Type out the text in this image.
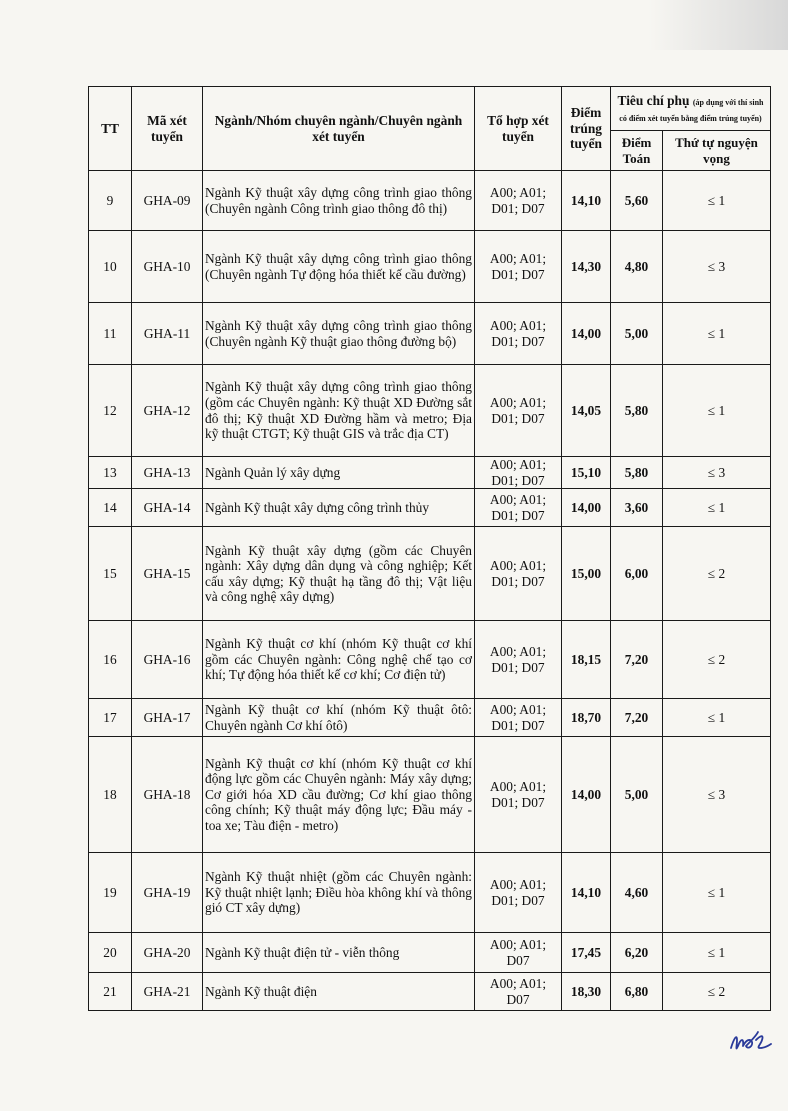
TT	Mã xét tuyển	Ngành/Nhóm chuyên ngành/Chuyên ngành xét tuyển	Tổ hợp xét tuyển	Điểm trúng tuyển	Tiêu chí phụ (áp dụng với thí sinh có điểm xét tuyển bằng điểm trúng tuyển)	
					Điểm Toán	Thứ tự nguyện vọng
9	GHA-09	Ngành Kỹ thuật xây dựng công trình giao thông (Chuyên ngành Công trình giao thông đô thị)	A00; A01; D01; D07	14,10	5,60	≤ 1
10	GHA-10	Ngành Kỹ thuật xây dựng công trình giao thông (Chuyên ngành Tự động hóa thiết kế cầu đường)	A00; A01; D01; D07	14,30	4,80	≤ 3
11	GHA-11	Ngành Kỹ thuật xây dựng công trình giao thông (Chuyên ngành Kỹ thuật giao thông đường bộ)	A00; A01; D01; D07	14,00	5,00	≤ 1
12	GHA-12	Ngành Kỹ thuật xây dựng công trình giao thông (gồm các Chuyên ngành: Kỹ thuật XD Đường sắt đô thị; Kỹ thuật XD Đường hầm và metro; Địa kỹ thuật CTGT; Kỹ thuật GIS và trắc địa CT)	A00; A01; D01; D07	14,05	5,80	≤ 1
13	GHA-13	Ngành Quản lý xây dựng	A00; A01; D01; D07	15,10	5,80	≤ 3
14	GHA-14	Ngành Kỹ thuật xây dựng công trình thủy	A00; A01; D01; D07	14,00	3,60	≤ 1
15	GHA-15	Ngành Kỹ thuật xây dựng (gồm các Chuyên ngành: Xây dựng dân dụng và công nghiệp; Kết cấu xây dựng; Kỹ thuật hạ tầng đô thị; Vật liệu và công nghệ xây dựng)	A00; A01; D01; D07	15,00	6,00	≤ 2
16	GHA-16	Ngành Kỹ thuật cơ khí (nhóm Kỹ thuật cơ khí gồm các Chuyên ngành: Công nghệ chế tạo cơ khí; Tự động hóa thiết kế cơ khí; Cơ điện tử)	A00; A01; D01; D07	18,15	7,20	≤ 2
17	GHA-17	Ngành Kỹ thuật cơ khí (nhóm Kỹ thuật ôtô: Chuyên ngành Cơ khí ôtô)	A00; A01; D01; D07	18,70	7,20	≤ 1
18	GHA-18	Ngành Kỹ thuật cơ khí (nhóm Kỹ thuật cơ khí động lực gồm các Chuyên ngành: Máy xây dựng; Cơ giới hóa XD cầu đường; Cơ khí giao thông công chính; Kỹ thuật máy động lực; Đầu máy - toa xe; Tàu điện - metro)	A00; A01; D01; D07	14,00	5,00	≤ 3
19	GHA-19	Ngành Kỹ thuật nhiệt (gồm các Chuyên ngành: Kỹ thuật nhiệt lạnh; Điều hòa không khí và thông gió CT xây dựng)	A00; A01; D01; D07	14,10	4,60	≤ 1
20	GHA-20	Ngành Kỹ thuật điện tử - viễn thông	A00; A01; D07	17,45	6,20	≤ 1
21	GHA-21	Ngành Kỹ thuật điện	A00; A01; D07	18,30	6,80	≤ 2
